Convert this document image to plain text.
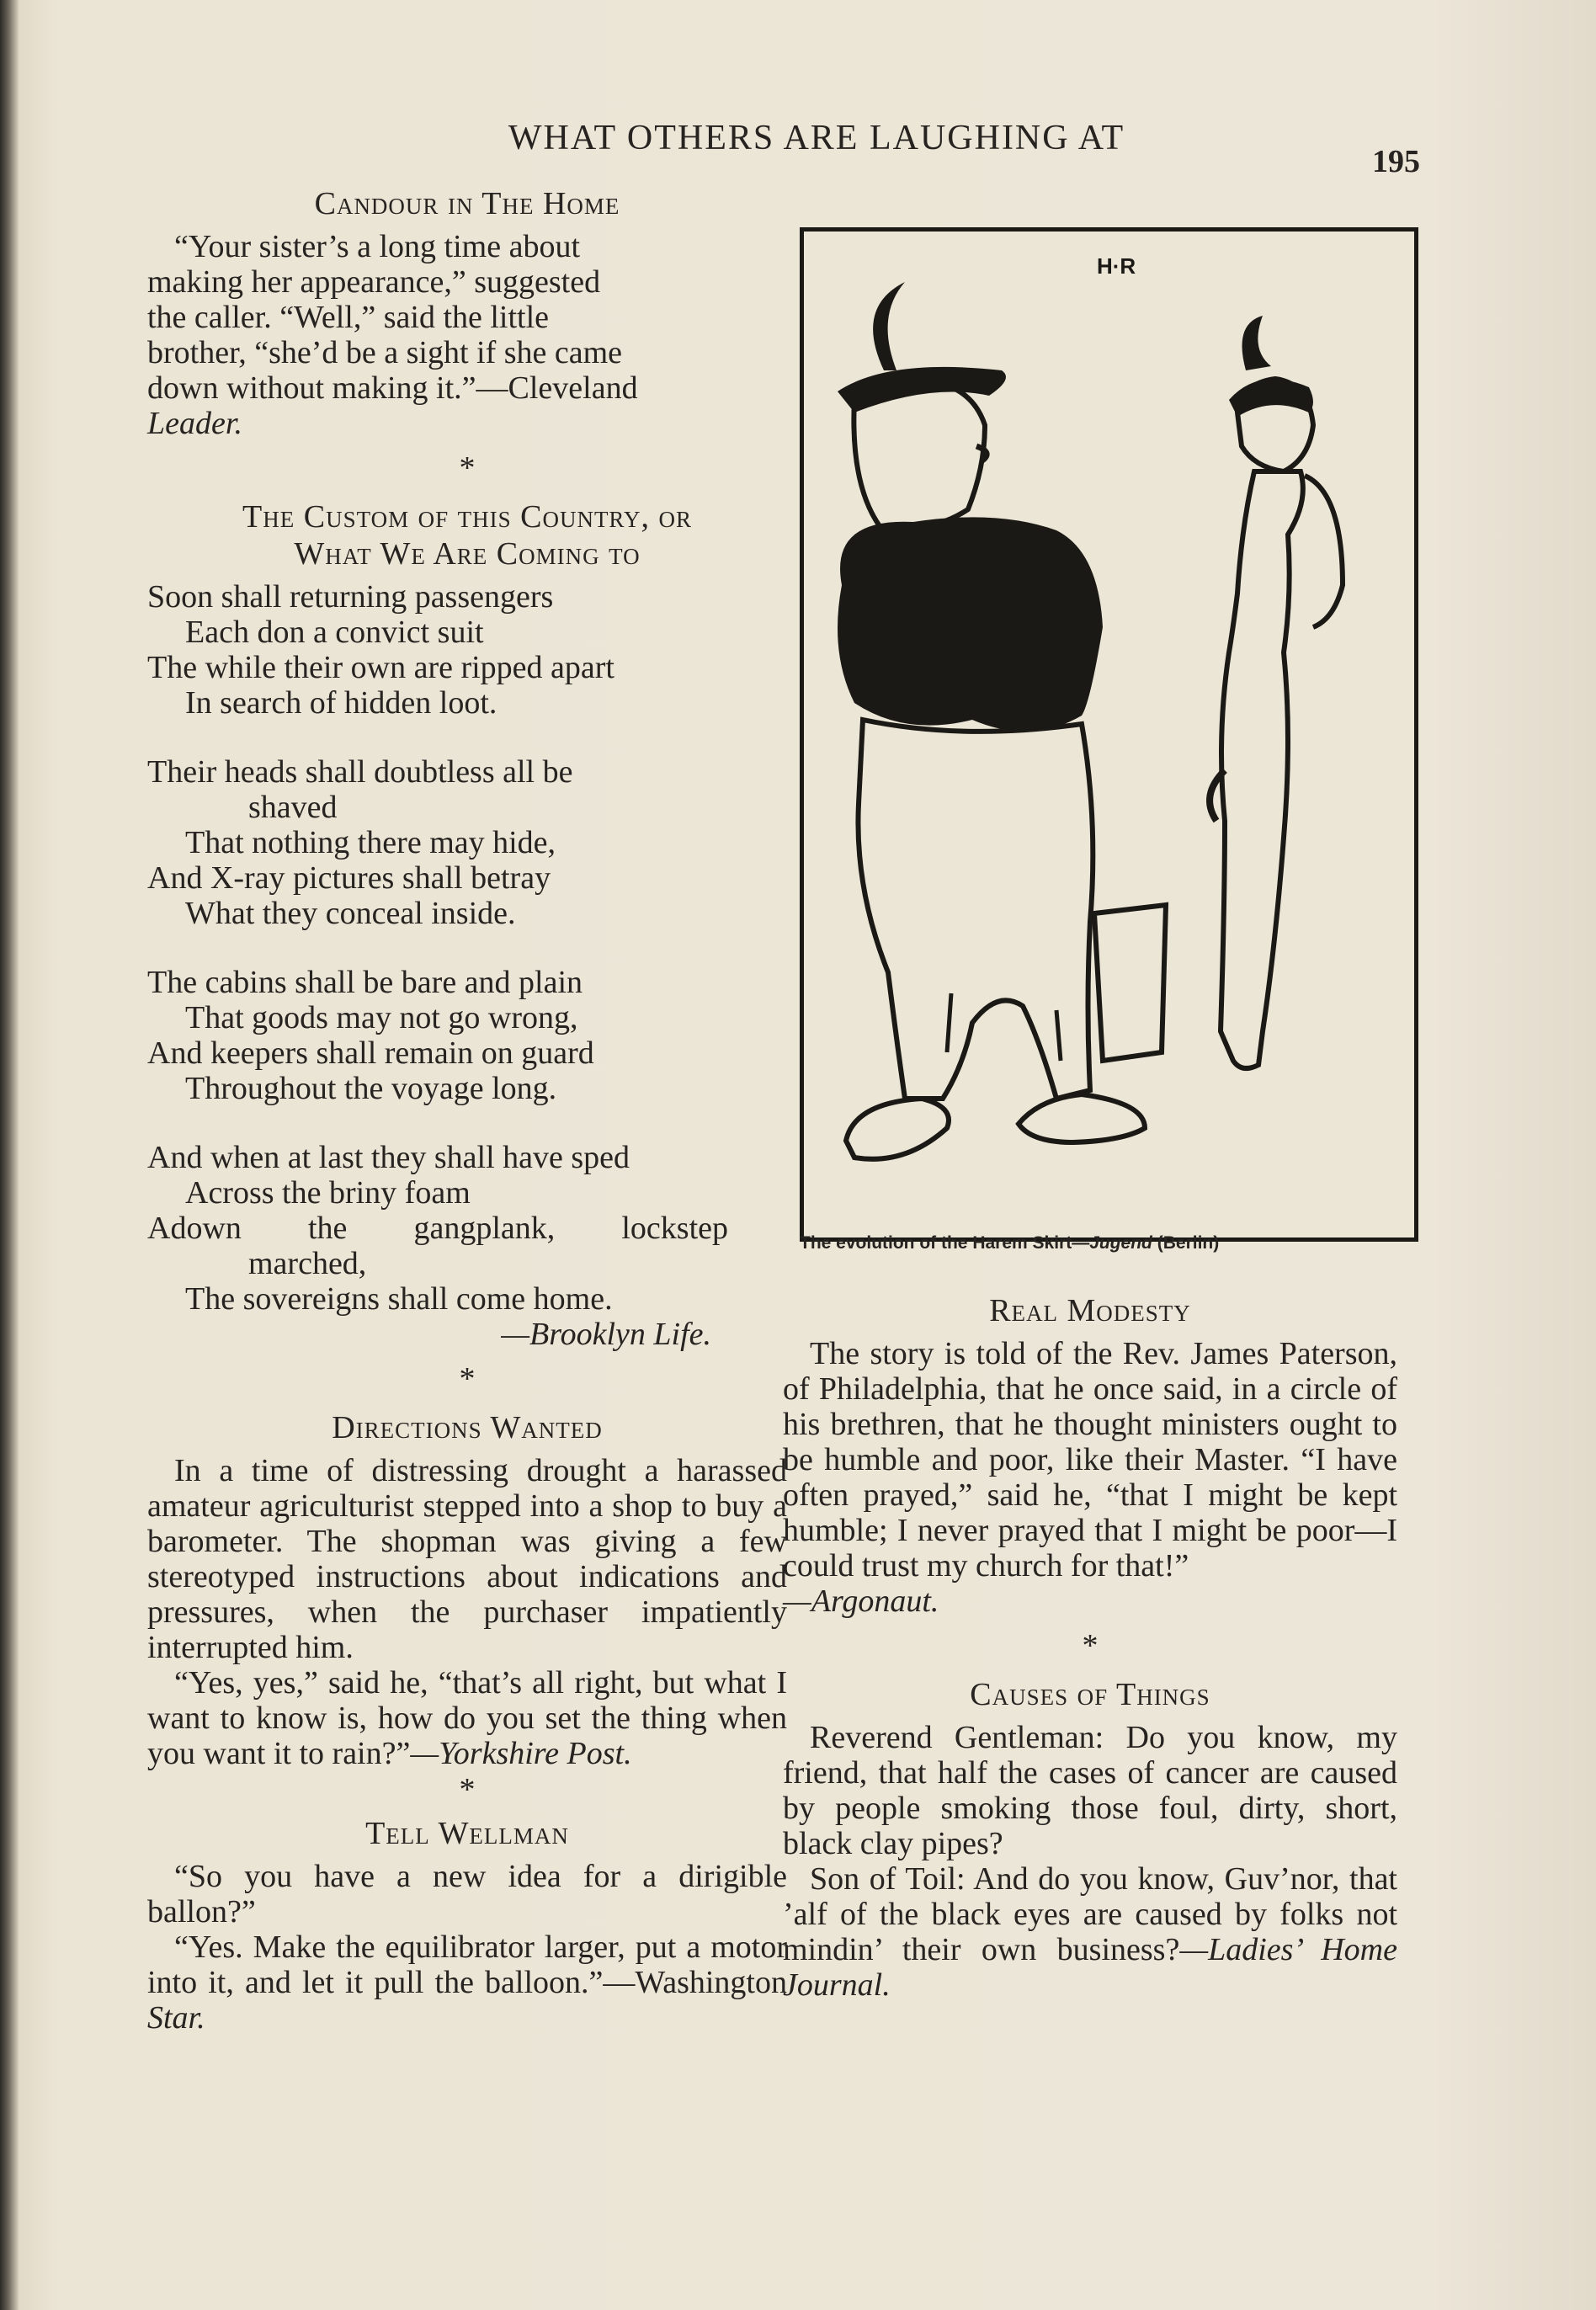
WHAT OTHERS ARE LAUGHING AT
195
Candour in The Home
“Your sister’s a long time about
making her appearance,” suggested
the caller. “Well,” said the little
brother, “she’d be a sight if she came
down without making it.”—Cleveland
Leader.
*
The Custom of this Country, or
What We Are Coming to
Soon shall returning passengers
Each don a convict suit
The while their own are ripped apart
In search of hidden loot.
Their heads shall doubtless all be
shaved
That nothing there may hide,
And X-ray pictures shall betray
What they conceal inside.
The cabins shall be bare and plain
That goods may not go wrong,
And keepers shall remain on guard
Throughout the voyage long.
And when at last they shall have sped
Across the briny foam
Adown the gangplank, lockstep
marched,
The sovereigns shall come home.
—Brooklyn Life.
*
Directions Wanted

In a time of distressing drought a harassed amateur agriculturist stepped into a shop to buy a barometer. The shopman was giving a few stereotyped instructions about indications and pressures, when the purchaser impatiently interrupted him.

“Yes, yes,” said he, “that’s all right, but what I want to know is, how do you set the thing when you want it to rain?”—Yorkshire Post.

*
Tell Wellman

“So you have a new idea for a dirigible ballon?”

“Yes. Make the equilibrator larger, put a motor into it, and let it pull the balloon.”—Washington Star.

H·R
The evolution of the Harem Skirt—Jugend (Berlin)
Real Modesty

The story is told of the Rev. James Paterson, of Philadelphia, that he once said, in a circle of his brethren, that he thought ministers ought to be humble and poor, like their Master. “I have often prayed,” said he, “that I might be kept humble; I never prayed that I might be poor—I could trust my church for that!”

—Argonaut.
*
Causes of Things

Reverend Gentleman: Do you know, my friend, that half the cases of cancer are caused by people smoking those foul, dirty, short, black clay pipes?

Son of Toil: And do you know, Guv’nor, that ’alf of the black eyes are caused by folks not mindin’ their own business?—Ladies’ Home Journal.
